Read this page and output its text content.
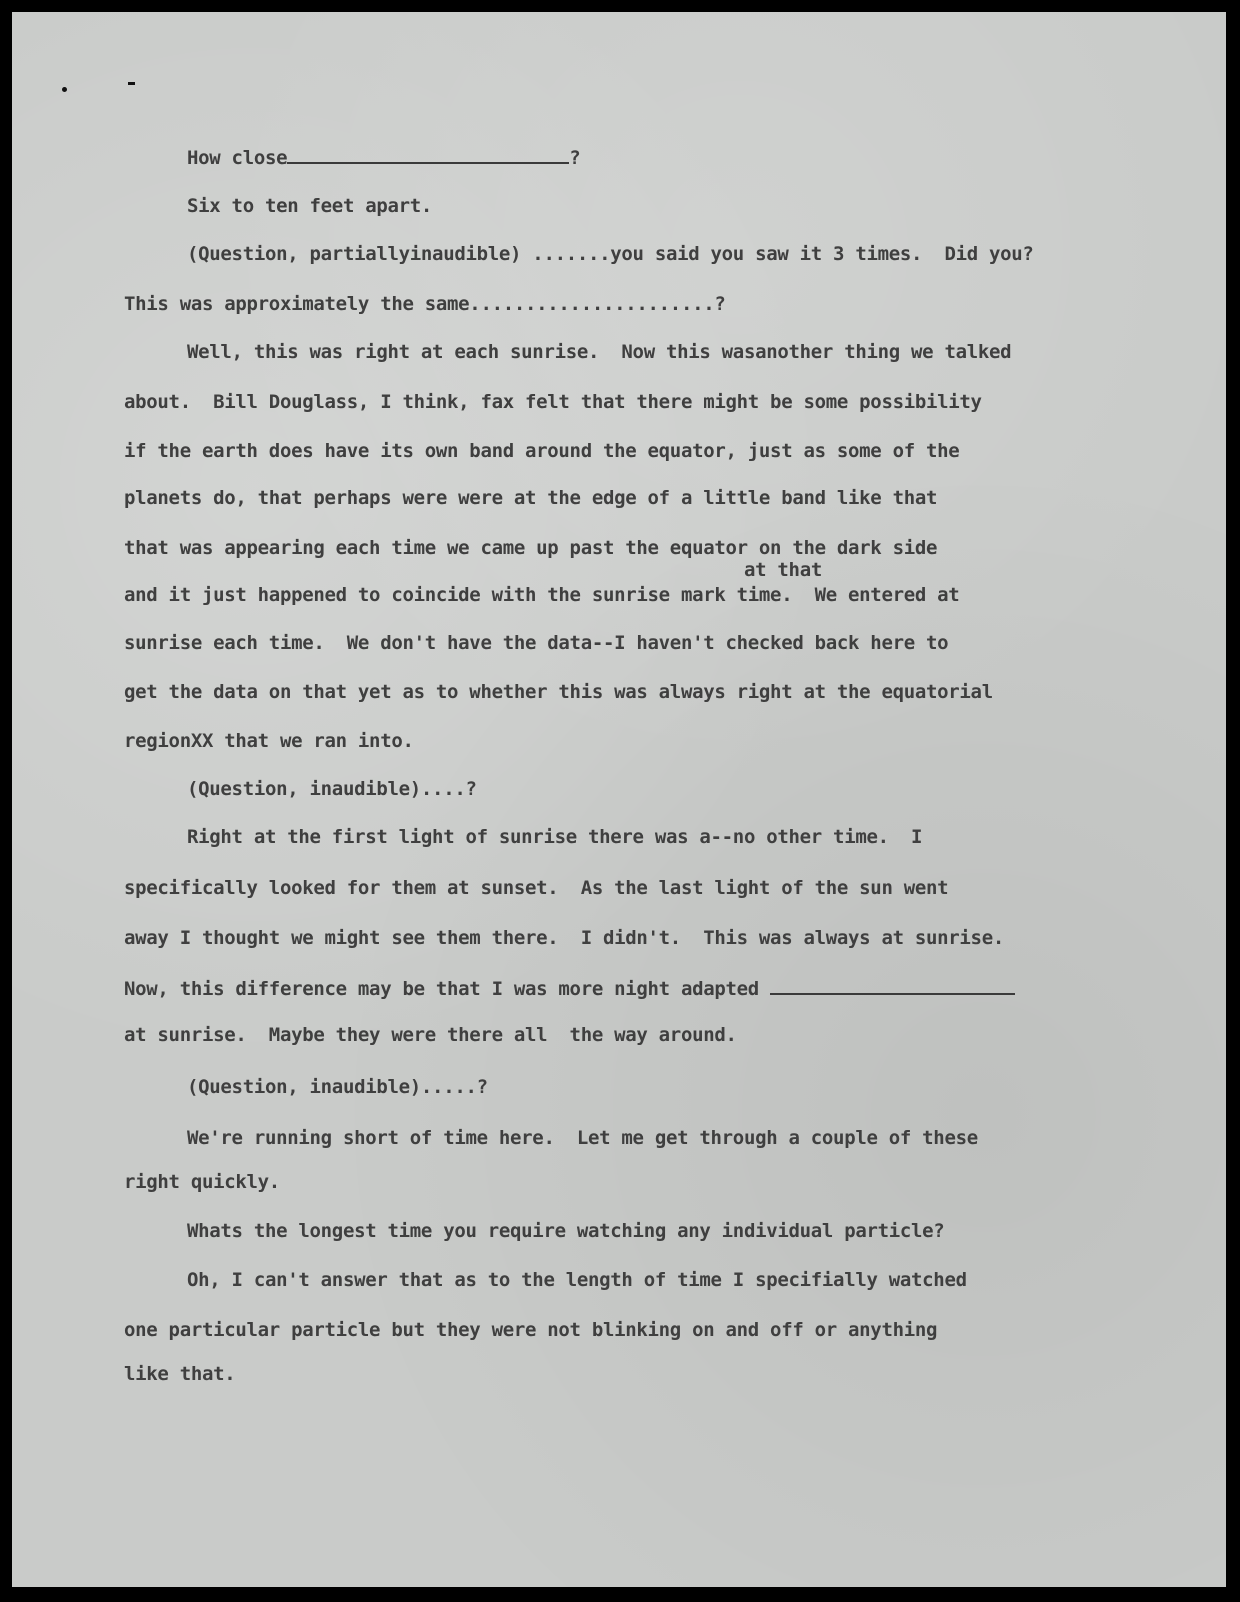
How close	?

Six to ten feet apart.

(Question, partiallyinaudible) .......you said you saw it 3 times.  Did you?

This was approximately the same......................?

Well, this was right at each sunrise.  Now this wasanother thing we talked

about.  Bill Douglass, I think, fax felt that there might be some possibility

if the earth does have its own band around the equator, just as some of the

planets do, that perhaps were were at the edge of a little band like that

that was appearing each time we came up past the equator on the dark side

at that

and it just happened to coincide with the sunrise mark time.  We entered at

sunrise each time.  We don't have the data--I haven't checked back here to

get the data on that yet as to whether this was always right at the equatorial

regionXX that we ran into.

(Question, inaudible)....?

Right at the first light of sunrise there was a--no other time.  I

specifically looked for them at sunset.  As the last light of the sun went

away I thought we might see them there.  I didn't.  This was always at sunrise.

Now, this difference may be that I was more night adapted

at sunrise.  Maybe they were there all  the way around.

(Question, inaudible).....?

We're running short of time here.  Let me get through a couple of these

right quickly.

Whats the longest time you require watching any individual particle?

Oh, I can't answer that as to the length of time I specifially watched

one particular particle but they were not blinking on and off or anything

like that.
